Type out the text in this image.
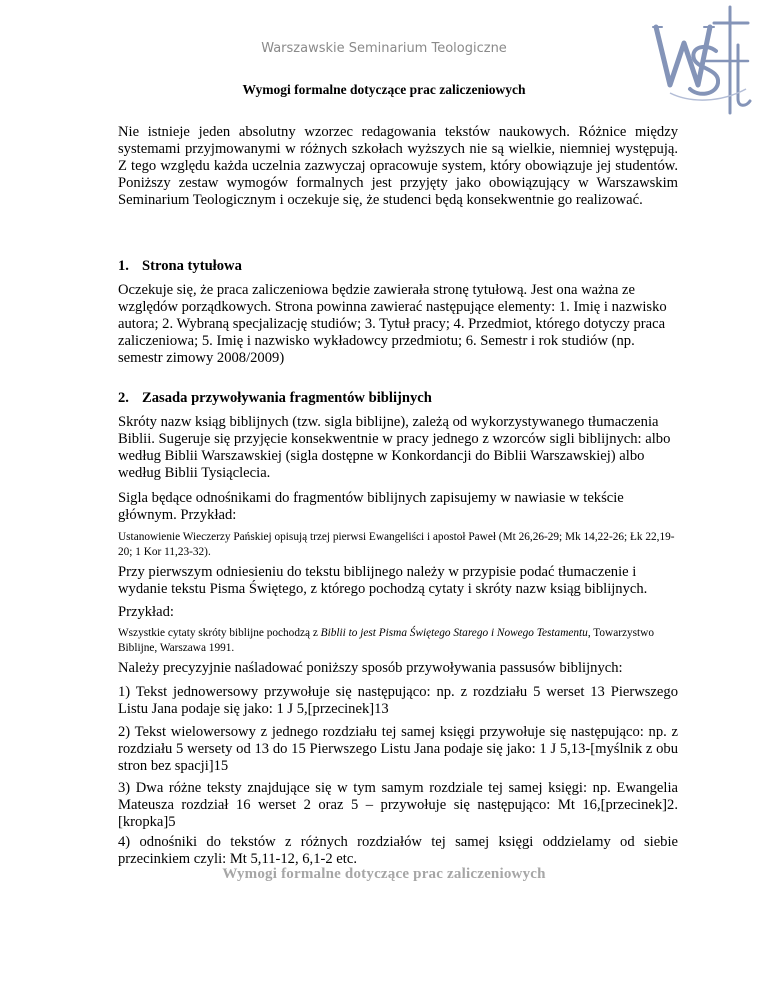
Warszawskie Seminarium Teologiczne
Wymogi formalne dotyczące prac zaliczeniowych
Nie istnieje jeden absolutny wzorzec redagowania tekstów naukowych. Różnice między systemami przyjmowanymi w różnych szkołach wyższych nie są wielkie, niemniej występują. Z tego względu każda uczelnia zazwyczaj opracowuje system, który obowiązuje jej studentów. Poniższy zestaw wymogów formalnych jest przyjęty jako obowiązujący w Warszawskim Seminarium Teologicznym i oczekuje się, że studenci będą konsekwentnie go realizować.
1. Strona tytułowa
Oczekuje się, że praca zaliczeniowa będzie zawierała stronę tytułową. Jest ona ważna ze względów porządkowych. Strona powinna zawierać następujące elementy: 1. Imię i nazwisko autora; 2. Wybraną specjalizację studiów; 3. Tytuł pracy; 4. Przedmiot, którego dotyczy praca zaliczeniowa; 5. Imię i nazwisko wykładowcy przedmiotu; 6. Semestr i rok studiów (np. semestr zimowy 2008/2009)
2. Zasada przywoływania fragmentów biblijnych
Skróty nazw ksiąg biblijnych (tzw. sigla biblijne), zależą od wykorzystywanego tłumaczenia Biblii. Sugeruje się przyjęcie konsekwentnie w pracy jednego z wzorców sigli biblijnych: albo według Biblii Warszawskiej (sigla dostępne w Konkordancji do Biblii Warszawskiej) albo według Biblii Tysiąclecia.
Sigla będące odnośnikami do fragmentów biblijnych zapisujemy w nawiasie w tekście głównym. Przykład:
Ustanowienie Wieczerzy Pańskiej opisują trzej pierwsi Ewangeliści i apostoł Paweł (Mt 26,26-29; Mk 14,22-26; Łk 22,19-20; 1 Kor 11,23-32).
Przy pierwszym odniesieniu do tekstu biblijnego należy w przypisie podać tłumaczenie i wydanie tekstu Pisma Świętego, z którego pochodzą cytaty i skróty nazw ksiąg biblijnych.
Przykład:
Wszystkie cytaty skróty biblijne pochodzą z Biblii to jest Pisma Świętego Starego i Nowego Testamentu, Towarzystwo Biblijne, Warszawa 1991.
Należy precyzyjnie naśladować poniższy sposób przywoływania passusów biblijnych:
1) Tekst jednowersowy przywołuje się następująco: np. z rozdziału 5 werset 13 Pierwszego Listu Jana podaje się jako: 1 J 5,[przecinek]13
2) Tekst wielowersowy z jednego rozdziału tej samej księgi przywołuje się następująco: np. z rozdziału 5 wersety od 13 do 15 Pierwszego Listu Jana podaje się jako: 1 J 5,13-[myślnik z obu stron bez spacji]15
3) Dwa różne teksty znajdujące się w tym samym rozdziale tej samej księgi: np. Ewangelia Mateusza rozdział 16 werset 2 oraz 5 – przywołuje się następująco: Mt 16,[przecinek]2.[kropka]5
4) odnośniki do tekstów z różnych rozdziałów tej samej księgi oddzielamy od siebie przecinkiem czyli: Mt 5,11-12, 6,1-2 etc.
Wymogi formalne dotyczące prac zaliczeniowych
